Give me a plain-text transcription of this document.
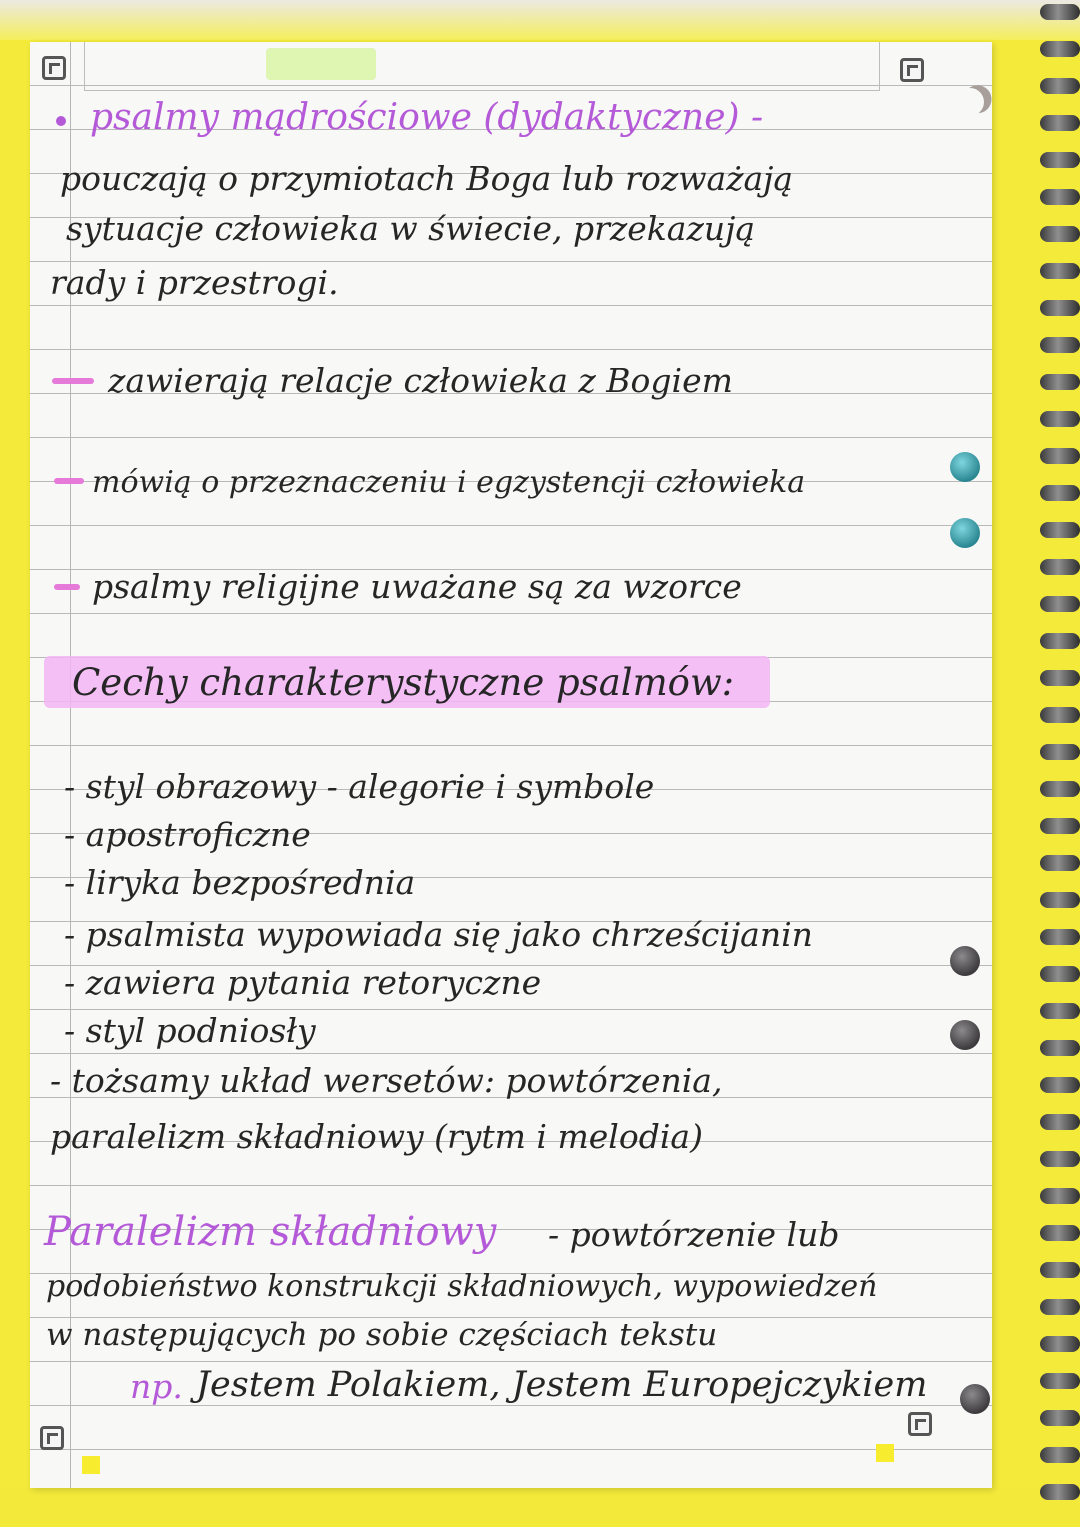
psalmy mądrościowe (dydaktyczne) -
pouczają o przymiotach Boga lub rozważają
sytuacje człowieka w świecie, przekazują
rady i przestrogi.
zawierają relacje człowieka z Bogiem
mówią o przeznaczeniu i egzystencji człowieka
psalmy religijne uważane są za wzorce
Cechy charakterystyczne psalmów:
- styl obrazowy - alegorie i symbole
- apostroficzne
- liryka bezpośrednia
- psalmista wypowiada się jako chrześcijanin
- zawiera pytania retoryczne
- styl podniosły
- tożsamy układ wersetów: powtórzenia,
paralelizm składniowy (rytm i melodia)
Paralelizm składniowy - powtórzenie lub
podobieństwo konstrukcji składniowych, wypowiedzeń
w następujących po sobie częściach tekstu
np. Jestem Polakiem, Jestem Europejczykiem
